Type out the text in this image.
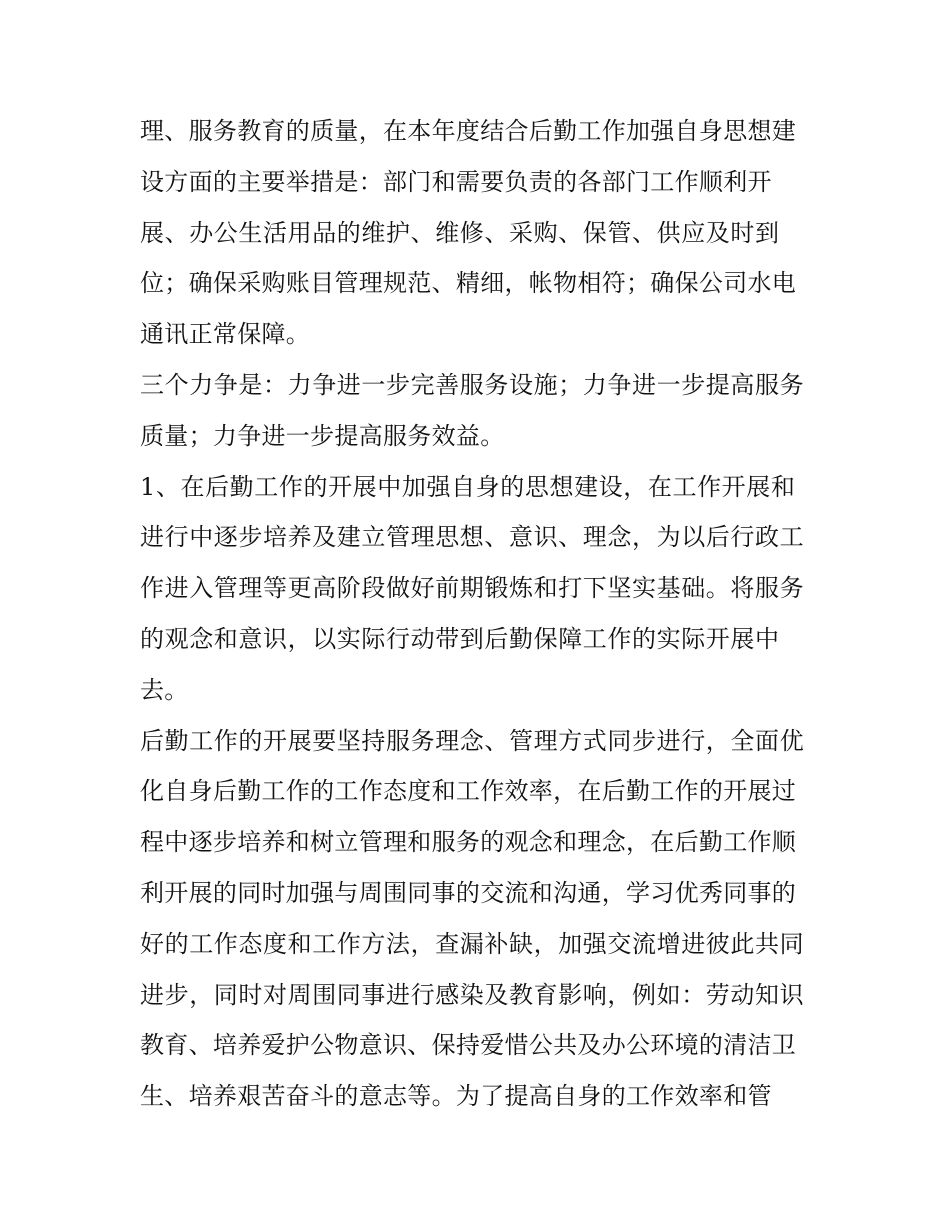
理、服务教育的质量，在本年度结合后勤工作加强自身思想建
设方面的主要举措是：部门和需要负责的各部门工作顺利开
展、办公生活用品的维护、维修、采购、保管、供应及时到
位；确保采购账目管理规范、精细，帐物相符；确保公司水电
通讯正常保障。
三个力争是：力争进一步完善服务设施；力争进一步提高服务
质量；力争进一步提高服务效益。
1、在后勤工作的开展中加强自身的思想建设，在工作开展和
进行中逐步培养及建立管理思想、意识、理念，为以后行政工
作进入管理等更高阶段做好前期锻炼和打下坚实基础。将服务
的观念和意识，以实际行动带到后勤保障工作的实际开展中
去。
后勤工作的开展要坚持服务理念、管理方式同步进行，全面优
化自身后勤工作的工作态度和工作效率，在后勤工作的开展过
程中逐步培养和树立管理和服务的观念和理念，在后勤工作顺
利开展的同时加强与周围同事的交流和沟通，学习优秀同事的
好的工作态度和工作方法，查漏补缺，加强交流增进彼此共同
进步，同时对周围同事进行感染及教育影响，例如：劳动知识
教育、培养爱护公物意识、保持爱惜公共及办公环境的清洁卫
生、培养艰苦奋斗的意志等。为了提高自身的工作效率和管
